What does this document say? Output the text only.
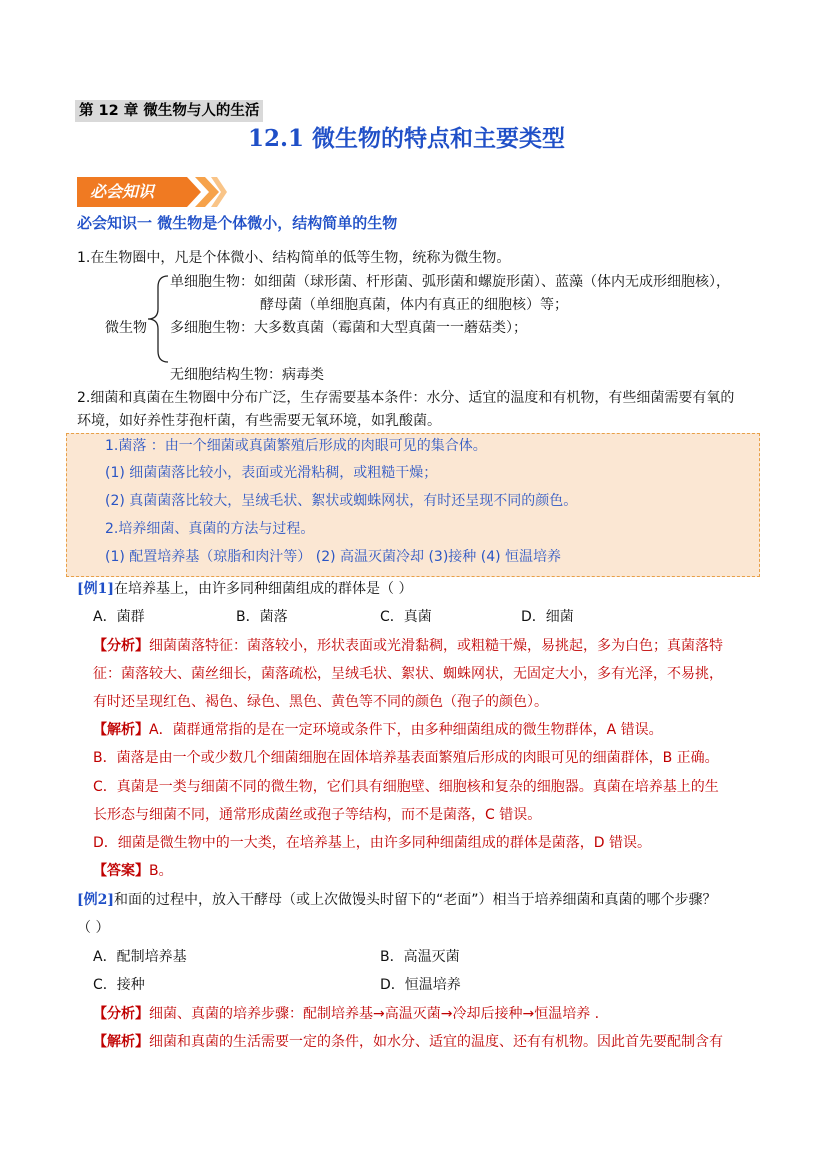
第 12 章 微生物与人的生活
12.1 微生物的特点和主要类型
必会知识
必会知识一 微生物是个体微小，结构简单的生物
1.在生物圈中，凡是个体微小、结构简单的低等生物，统称为微生物。
微生物
单细胞生物：如细菌（球形菌、杆形菌、弧形菌和螺旋形菌）、蓝藻（体内无成形细胞核），
酵母菌（单细胞真菌，体内有真正的细胞核）等；
多细胞生物：大多数真菌（霉菌和大型真菌一一蘑菇类）；
无细胞结构生物：病毒类
2.细菌和真菌在生物圈中分布广泛，生存需要基本条件：水分、适宜的温度和有机物，有些细菌需要有氧的
环境，如好养性芽孢杆菌，有些需要无氧环境，如乳酸菌。
1.菌落 ：由一个细菌或真菌繁殖后形成的肉眼可见的集合体。
(1) 细菌菌落比较小，表面或光滑粘稠，或粗糙干燥；
(2) 真菌菌落比较大，呈绒毛状、絮状或蜘蛛网状，有时还呈现不同的颜色。
2.培养细菌、真菌的方法与过程。
(1) 配置培养基（琼脂和肉汁等） (2) 高温灭菌冷却 (3)接种 (4) 恒温培养
[例1]在培养基上，由许多同种细菌组成的群体是（ ）
A．菌群	B．菌落	C．真菌	D．细菌
【分析】细菌菌落特征：菌落较小，形状表面或光滑黏稠，或粗糙干燥，易挑起，多为白色；真菌落特
征：菌落较大、菌丝细长，菌落疏松，呈绒毛状、絮状、蜘蛛网状，无固定大小，多有光泽，不易挑，
有时还呈现红色、褐色、绿色、黑色、黄色等不同的颜色（孢子的颜色）。
【解析】A．菌群通常指的是在一定环境或条件下，由多种细菌组成的微生物群体，A 错误。
B．菌落是由一个或少数几个细菌细胞在固体培养基表面繁殖后形成的肉眼可见的细菌群体，B 正确。
C．真菌是一类与细菌不同的微生物，它们具有细胞壁、细胞核和复杂的细胞器。真菌在培养基上的生
长形态与细菌不同，通常形成菌丝或孢子等结构，而不是菌落，C 错误。
D．细菌是微生物中的一大类，在培养基上，由许多同种细菌组成的群体是菌落，D 错误。
【答案】B。
[例2]和面的过程中，放入干酵母（或上次做馒头时留下的“老面”）相当于培养细菌和真菌的哪个步骤？
（ ）
A．配制培养基	B．高温灭菌
C．接种	D．恒温培养
【分析】细菌、真菌的培养步骤：配制培养基→高温灭菌→冷却后接种→恒温培养 .
【解析】细菌和真菌的生活需要一定的条件，如水分、适宜的温度、还有有机物。因此首先要配制含有
